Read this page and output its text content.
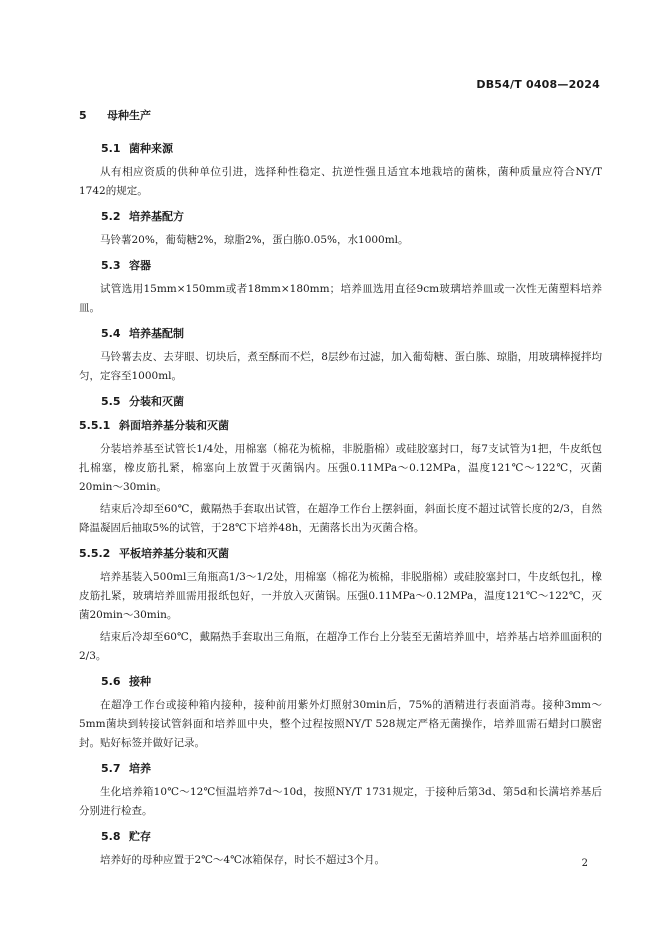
DB54/T 0408—2024
5 母种生产
5.1 菌种来源

从有相应资质的供种单位引进，选择种性稳定、抗逆性强且适宜本地栽培的菌株，菌种质量应符合NY/T 1742的规定。

5.2 培养基配方

马铃薯20%，葡萄糖2%，琼脂2%，蛋白胨0.05%，水1000ml。

5.3 容器

试管选用15mm×150mm或者18mm×180mm；培养皿选用直径9cm玻璃培养皿或一次性无菌塑料培养皿。

5.4 培养基配制

马铃薯去皮、去芽眼、切块后，煮至酥而不烂，8层纱布过滤，加入葡萄糖、蛋白胨、琼脂，用玻璃棒搅拌均匀，定容至1000ml。

5.5 分装和灭菌
5.5.1 斜面培养基分装和灭菌

分装培养基至试管长1/4处，用棉塞（棉花为梳棉，非脱脂棉）或硅胶塞封口，每7支试管为1把，牛皮纸包扎棉塞，橡皮筋扎紧，棉塞向上放置于灭菌锅内。压强0.11MPa～0.12MPa，温度121℃～122℃，灭菌20min～30min。

结束后冷却至60℃，戴隔热手套取出试管，在超净工作台上摆斜面，斜面长度不超过试管长度的2/3，自然降温凝固后抽取5%的试管，于28℃下培养48h，无菌落长出为灭菌合格。

5.5.2 平板培养基分装和灭菌

培养基装入500ml三角瓶高1/3～1/2处，用棉塞（棉花为梳棉，非脱脂棉）或硅胶塞封口，牛皮纸包扎，橡皮筋扎紧，玻璃培养皿需用报纸包好，一并放入灭菌锅。压强0.11MPa～0.12MPa，温度121℃～122℃，灭菌20min～30min。

结束后冷却至60℃，戴隔热手套取出三角瓶，在超净工作台上分装至无菌培养皿中，培养基占培养皿面积的2/3。

5.6 接种

在超净工作台或接种箱内接种，接种前用紫外灯照射30min后，75%的酒精进行表面消毒。接种3mm～5mm菌块到转接试管斜面和培养皿中央，整个过程按照NY/T 528规定严格无菌操作，培养皿需石蜡封口膜密封。贴好标签并做好记录。

5.7 培养

生化培养箱10℃～12℃恒温培养7d～10d，按照NY/T 1731规定，于接种后第3d、第5d和长满培养基后分别进行检查。

5.8 贮存

培养好的母种应置于2℃～4℃冰箱保存，时长不超过3个月。	2
